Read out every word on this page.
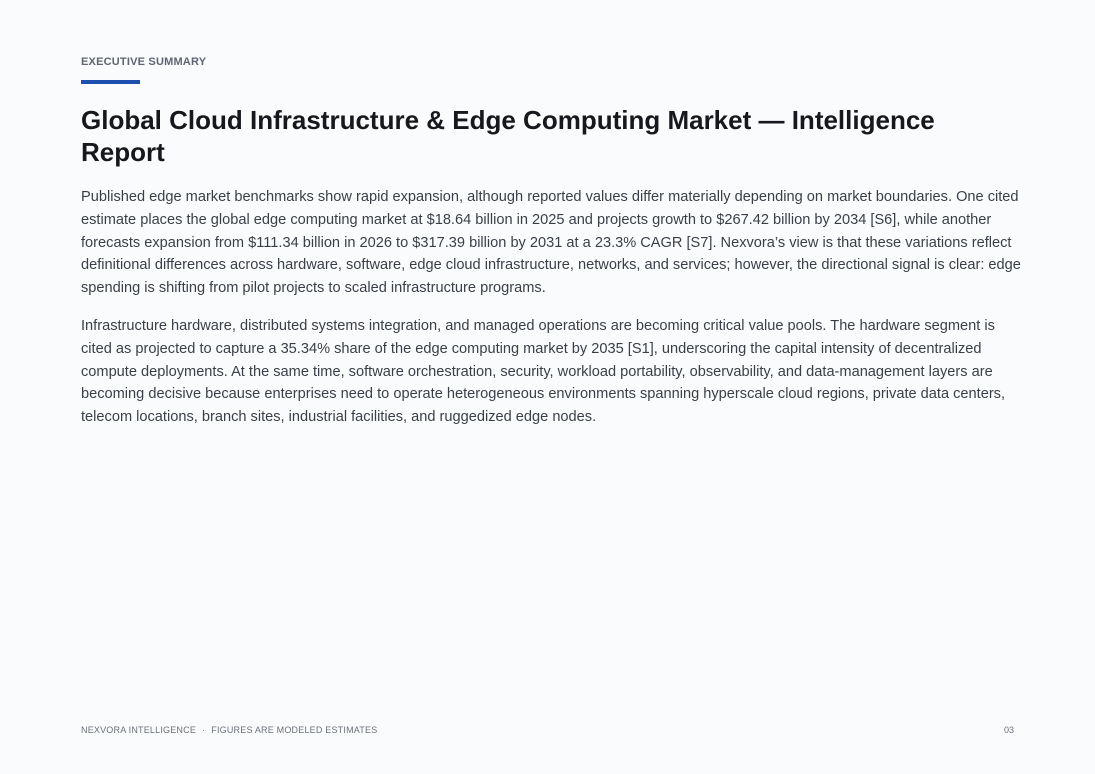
EXECUTIVE SUMMARY
Global Cloud Infrastructure & Edge Computing Market — Intelligence Report

Published edge market benchmarks show rapid expansion, although reported values differ materially depending on market boundaries. One cited estimate places the global edge computing market at $18.64 billion in 2025 and projects growth to $267.42 billion by 2034 [S6], while another forecasts expansion from $111.34 billion in 2026 to $317.39 billion by 2031 at a 23.3% CAGR [S7]. Nexvora’s view is that these variations reflect definitional differences across hardware, software, edge cloud infrastructure, networks, and services; however, the directional signal is clear: edge spending is shifting from pilot projects to scaled infrastructure programs.

Infrastructure hardware, distributed systems integration, and managed operations are becoming critical value pools. The hardware segment is cited as projected to capture a 35.34% share of the edge computing market by 2035 [S1], underscoring the capital intensity of decentralized compute deployments. At the same time, software orchestration, security, workload portability, observability, and data-management layers are becoming decisive because enterprises need to operate heterogeneous environments spanning hyperscale cloud regions, private data centers, telecom locations, branch sites, industrial facilities, and ruggedized edge nodes.

NEXVORA INTELLIGENCE · FIGURES ARE MODELED ESTIMATES	03
